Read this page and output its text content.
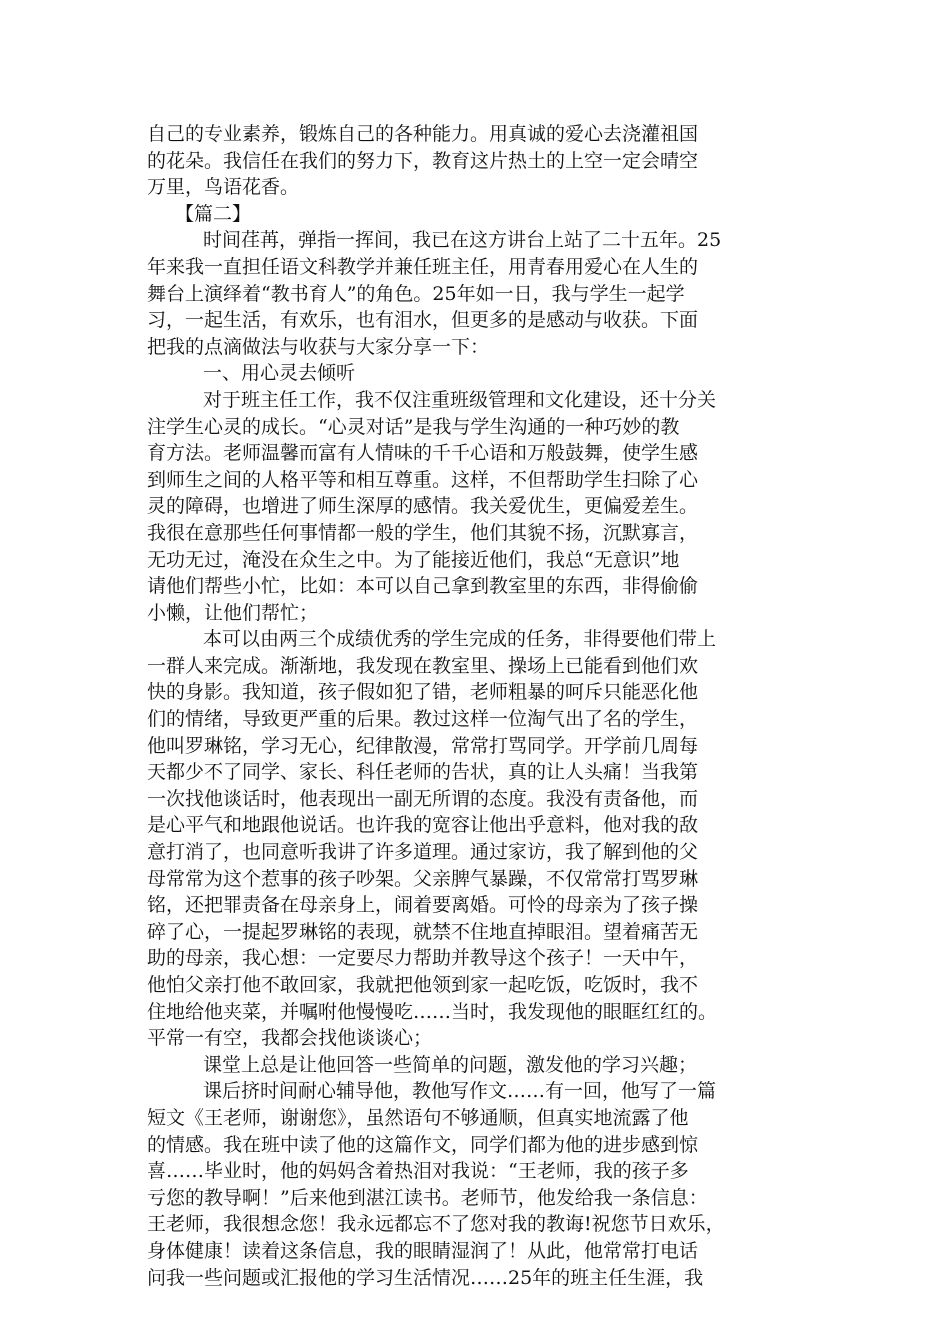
自己的专业素养，锻炼自己的各种能力。用真诚的爱心去浇灌祖国
的花朵。我信任在我们的努力下，教育这片热土的上空一定会晴空
万里，鸟语花香。
【篇二】
时间荏苒，弹指一挥间，我已在这方讲台上站了二十五年。25
年来我一直担任语文科教学并兼任班主任，用青春用爱心在人生的
舞台上演绎着“教书育人”的角色。25年如一日，我与学生一起学
习，一起生活，有欢乐，也有泪水，但更多的是感动与收获。下面
把我的点滴做法与收获与大家分享一下：
一、用心灵去倾听
对于班主任工作，我不仅注重班级管理和文化建设，还十分关
注学生心灵的成长。“心灵对话”是我与学生沟通的一种巧妙的教
育方法。老师温馨而富有人情味的千千心语和万般鼓舞，使学生感
到师生之间的人格平等和相互尊重。这样，不但帮助学生扫除了心
灵的障碍，也增进了师生深厚的感情。我关爱优生，更偏爱差生。
我很在意那些任何事情都一般的学生，他们其貌不扬，沉默寡言，
无功无过，淹没在众生之中。为了能接近他们，我总“无意识”地
请他们帮些小忙，比如：本可以自己拿到教室里的东西，非得偷偷
小懒，让他们帮忙；
本可以由两三个成绩优秀的学生完成的任务，非得要他们带上
一群人来完成。渐渐地，我发现在教室里、操场上已能看到他们欢
快的身影。我知道，孩子假如犯了错，老师粗暴的呵斥只能恶化他
们的情绪，导致更严重的后果。教过这样一位淘气出了名的学生，
他叫罗琳铭，学习无心，纪律散漫，常常打骂同学。开学前几周每
天都少不了同学、家长、科任老师的告状，真的让人头痛！当我第
一次找他谈话时，他表现出一副无所谓的态度。我没有责备他，而
是心平气和地跟他说话。也许我的宽容让他出乎意料，他对我的敌
意打消了，也同意听我讲了许多道理。通过家访，我了解到他的父
母常常为这个惹事的孩子吵架。父亲脾气暴躁，不仅常常打骂罗琳
铭，还把罪责备在母亲身上，闹着要离婚。可怜的母亲为了孩子操
碎了心，一提起罗琳铭的表现，就禁不住地直掉眼泪。望着痛苦无
助的母亲，我心想：一定要尽力帮助并教导这个孩子！一天中午，
他怕父亲打他不敢回家，我就把他领到家一起吃饭，吃饭时，我不
住地给他夹菜，并嘱咐他慢慢吃……当时，我发现他的眼眶红红的。
平常一有空，我都会找他谈谈心；
课堂上总是让他回答一些简单的问题，激发他的学习兴趣；
课后挤时间耐心辅导他，教他写作文……有一回，他写了一篇
短文《王老师，谢谢您》，虽然语句不够通顺，但真实地流露了他
的情感。我在班中读了他的这篇作文，同学们都为他的进步感到惊
喜……毕业时，他的妈妈含着热泪对我说：“王老师，我的孩子多
亏您的教导啊！”后来他到湛江读书。老师节，他发给我一条信息：
王老师，我很想念您！我永远都忘不了您对我的教诲!祝您节日欢乐，
身体健康！读着这条信息，我的眼睛湿润了！从此，他常常打电话
问我一些问题或汇报他的学习生活情况……25年的班主任生涯，我
